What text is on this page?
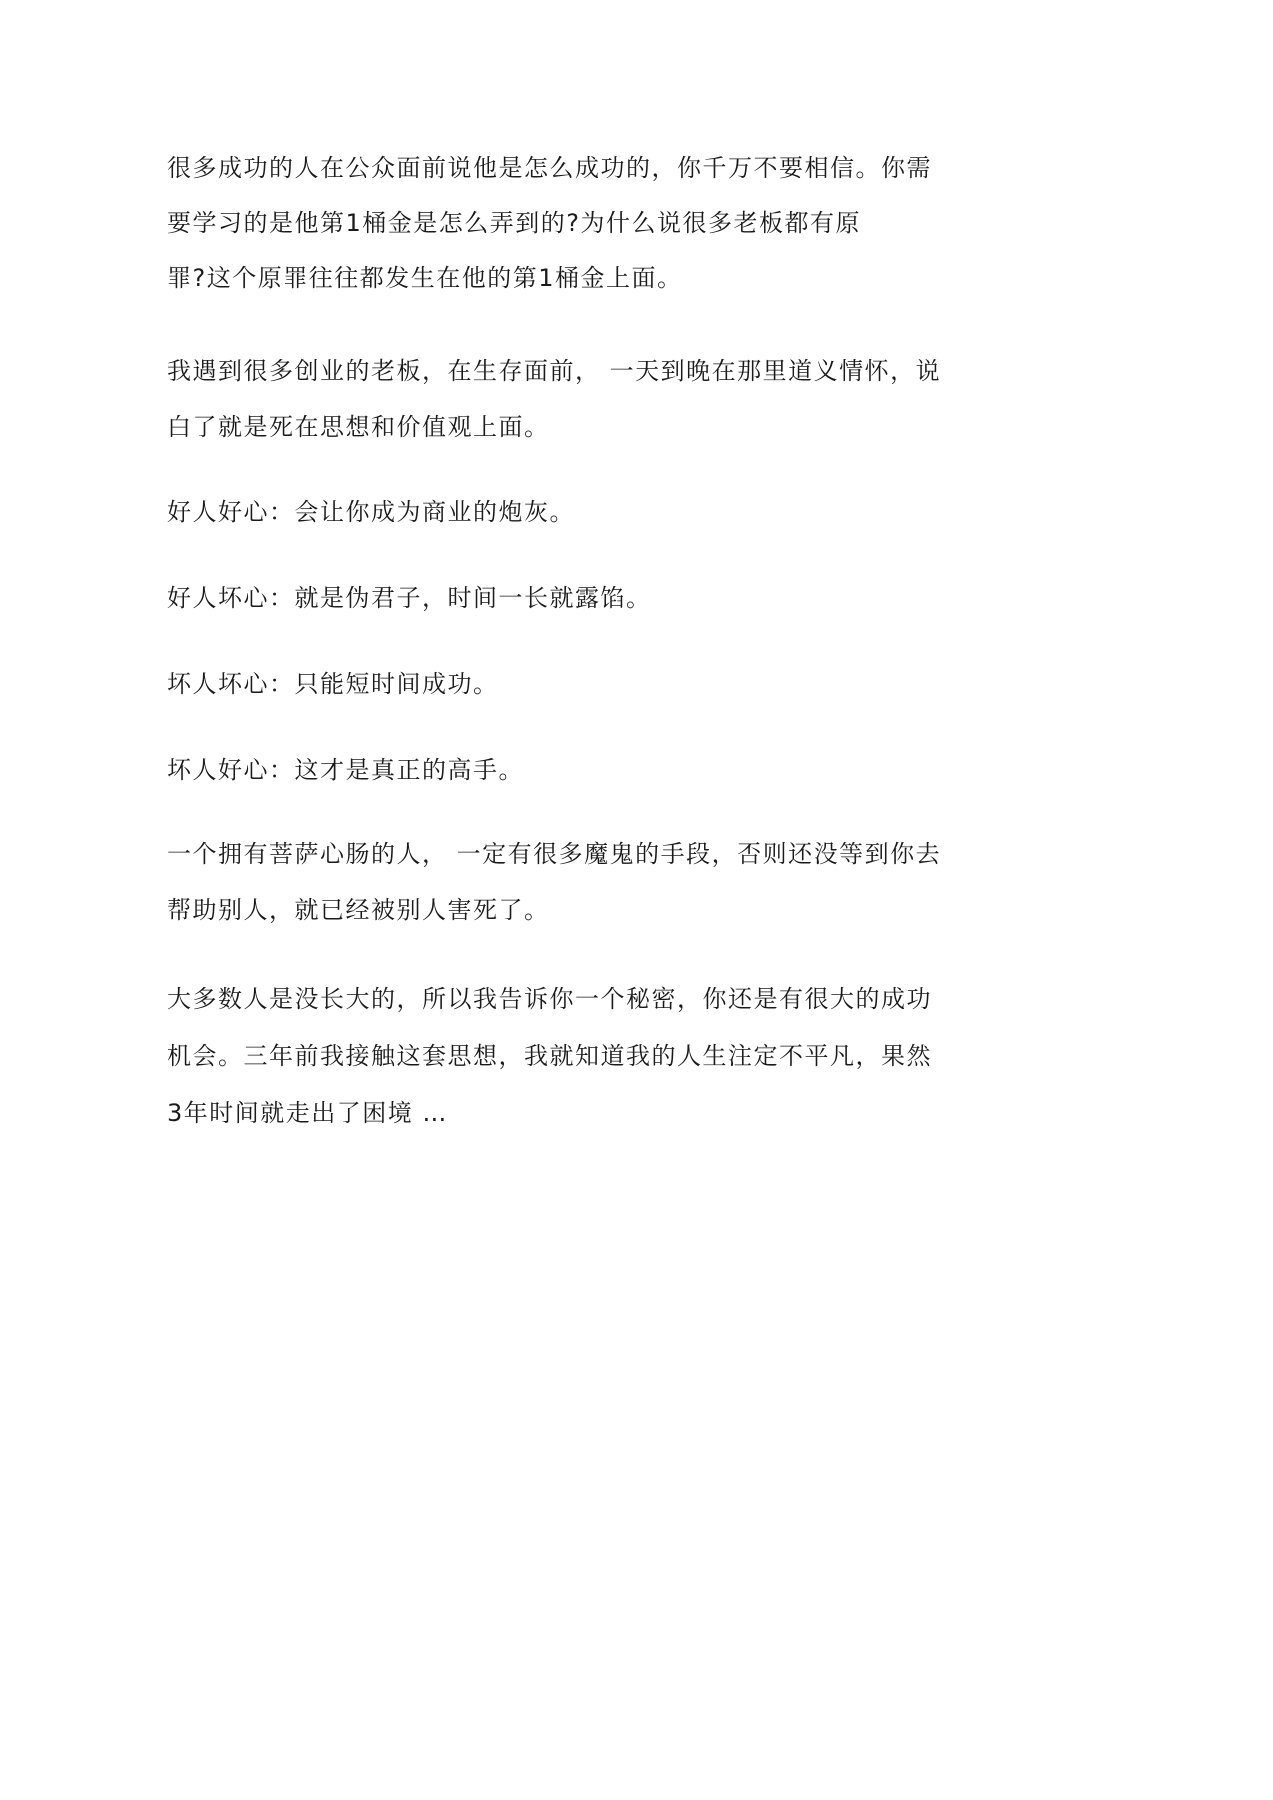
很多成功的人在公众面前说他是怎么成功的，你千万不要相信。你需
要学习的是他第1桶金是怎么弄到的?为什么说很多老板都有原
罪?这个原罪往往都发生在他的第1桶金上面。

我遇到很多创业的老板，在生存面前， 一天到晚在那里道义情怀，说
白了就是死在思想和价值观上面。

好人好心：会让你成为商业的炮灰。

好人坏心：就是伪君子，时间一长就露馅。

坏人坏心：只能短时间成功。

坏人好心：这才是真正的高手。

一个拥有菩萨心肠的人， 一定有很多魔鬼的手段，否则还没等到你去
帮助别人，就已经被别人害死了。

大多数人是没长大的，所以我告诉你一个秘密，你还是有很大的成功
机会。三年前我接触这套思想，我就知道我的人生注定不平凡，果然
3年时间就走出了困境 …
